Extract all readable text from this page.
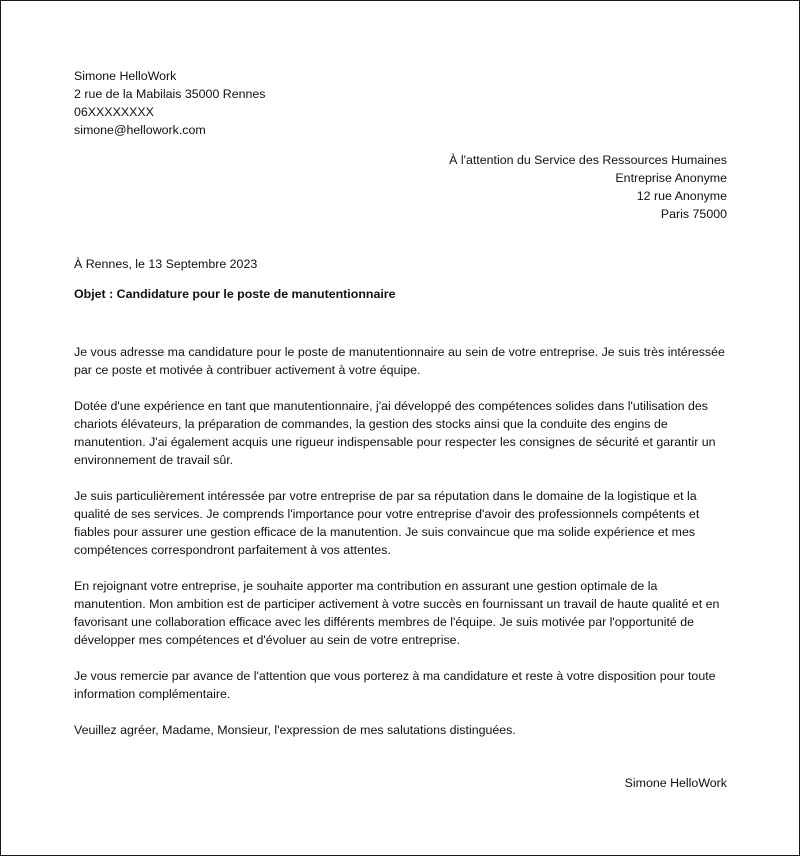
Simone HelloWork
2 rue de la Mabilais 35000 Rennes
06XXXXXXXX
simone@hellowork.com
À l'attention du Service des Ressources Humaines
Entreprise Anonyme
12 rue Anonyme
Paris 75000
À Rennes, le 13 Septembre 2023
Objet : Candidature pour le poste de manutentionnaire

Je vous adresse ma candidature pour le poste de manutentionnaire au sein de votre entreprise. Je suis très intéressée par ce poste et motivée à contribuer activement à votre équipe.

Dotée d'une expérience en tant que manutentionnaire, j'ai développé des compétences solides dans l'utilisation des chariots élévateurs, la préparation de commandes, la gestion des stocks ainsi que la conduite des engins de manutention. J'ai également acquis une rigueur indispensable pour respecter les consignes de sécurité et garantir un environnement de travail sûr.

Je suis particulièrement intéressée par votre entreprise de par sa réputation dans le domaine de la logistique et la qualité de ses services. Je comprends l'importance pour votre entreprise d'avoir des professionnels compétents et fiables pour assurer une gestion efficace de la manutention. Je suis convaincue que ma solide expérience et mes compétences correspondront parfaitement à vos attentes.

En rejoignant votre entreprise, je souhaite apporter ma contribution en assurant une gestion optimale de la manutention. Mon ambition est de participer activement à votre succès en fournissant un travail de haute qualité et en favorisant une collaboration efficace avec les différents membres de l'équipe. Je suis motivée par l'opportunité de développer mes compétences et d'évoluer au sein de votre entreprise.

Je vous remercie par avance de l'attention que vous porterez à ma candidature et reste à votre disposition pour toute information complémentaire.

Veuillez agréer, Madame, Monsieur, l'expression de mes salutations distinguées.

Simone HelloWork
